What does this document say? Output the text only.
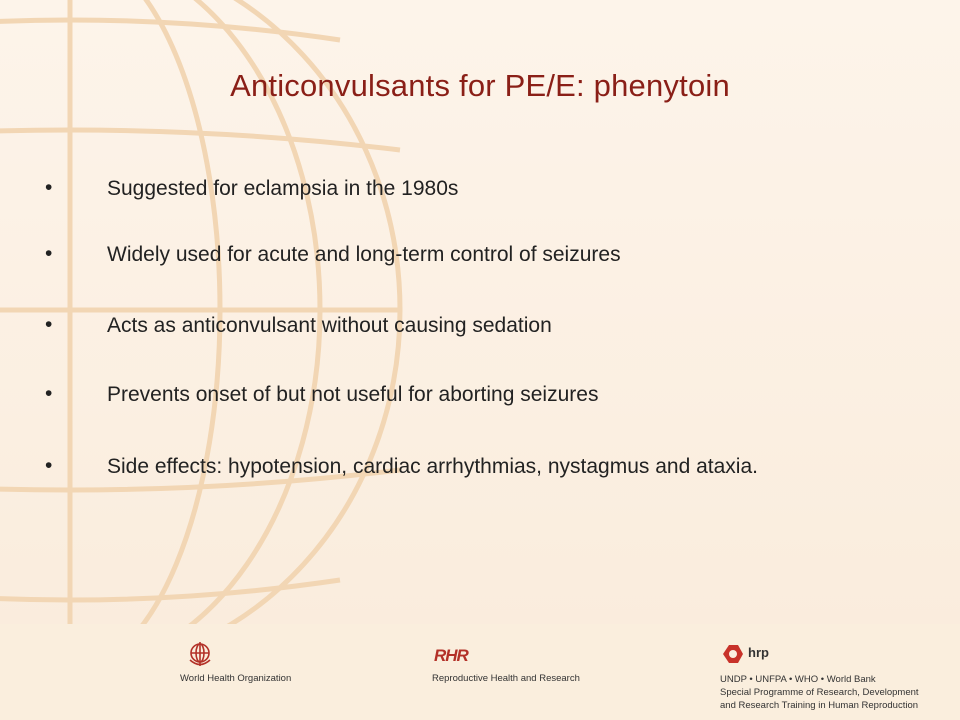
Anticonvulsants for PE/E: phenytoin
•	Suggested for eclampsia in the 1980s
•	Widely used for acute and long-term control of seizures
•	Acts as anticonvulsant without causing sedation
•	Prevents onset of but not useful for aborting seizures
•	Side effects: hypotension, cardiac arrhythmias, nystagmus and ataxia.
World Health Organization
RHR
Reproductive Health and Research
hrp
UNDP • UNFPA • WHO • World Bank
Special Programme of Research, Development
and Research Training in Human Reproduction
